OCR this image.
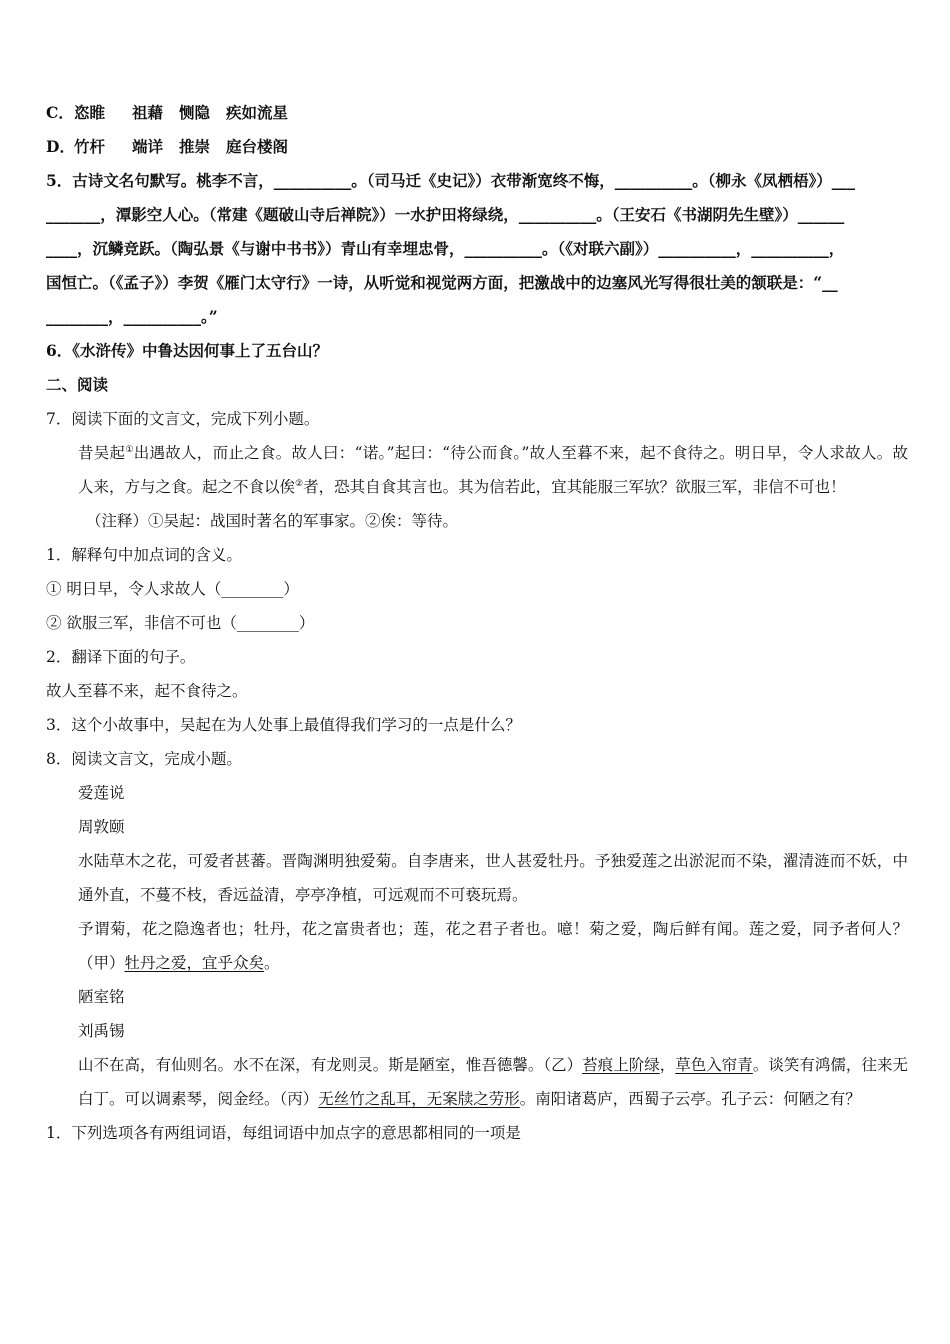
C．恣睢 祖藉 恻隐 疾如流星
D．竹杆 端详 推崇 庭台楼阁
5．古诗文名句默写。桃李不言，__________。（司马迁《史记》）衣带渐宽终不悔，__________。（柳永《凤栖梧》）___
_______，潭影空人心。（常建《题破山寺后禅院》）一水护田将绿绕，__________。（王安石《书湖阴先生壁》）______
____，沉鳞竞跃。（陶弘景《与谢中书书》）青山有幸埋忠骨，__________。（《对联六副》）__________，__________，
国恒亡。（《孟子》）李贺《雁门太守行》一诗，从听觉和视觉两方面，把激战中的边塞风光写得很壮美的颔联是：“__
________，__________。”
6．《水浒传》中鲁达因何事上了五台山？
二、阅读
7．阅读下面的文言文，完成下列小题。
昔吴起①出遇故人，而止之食。故人曰：“诺。”起曰：“待公而食。”故人至暮不来，起不食待之。明日早，令人求故人。故人来，方与之食。起之不食以俟②者，恐其自食其言也。其为信若此，宜其能服三军欤？欲服三军，非信不可也！
（注释）①吴起：战国时著名的军事家。②俟：等待。
1．解释句中加点词的含义。
① 明日早，令人求故人（________）
② 欲服三军，非信不可也（________）
2．翻译下面的句子。
故人至暮不来，起不食待之。
3．这个小故事中，吴起在为人处事上最值得我们学习的一点是什么？
8．阅读文言文，完成小题。
爱莲说
周敦颐
水陆草木之花，可爱者甚蕃。晋陶渊明独爱菊。自李唐来，世人甚爱牡丹。予独爱莲之出淤泥而不染，濯清涟而不妖，中通外直，不蔓不枝，香远益清，亭亭净植，可远观而不可亵玩焉。
予谓菊，花之隐逸者也；牡丹，花之富贵者也；莲，花之君子者也。噫！菊之爱，陶后鲜有闻。莲之爱，同予者何人？（甲）牡丹之爱，宜乎众矣。
陋室铭
刘禹锡
山不在高，有仙则名。水不在深，有龙则灵。斯是陋室，惟吾德馨。（乙）苔痕上阶绿，草色入帘青。谈笑有鸿儒，往来无白丁。可以调素琴，阅金经。（丙）无丝竹之乱耳，无案牍之劳形。南阳诸葛庐，西蜀子云亭。孔子云：何陋之有？
1．下列选项各有两组词语，每组词语中加点字的意思都相同的一项是
